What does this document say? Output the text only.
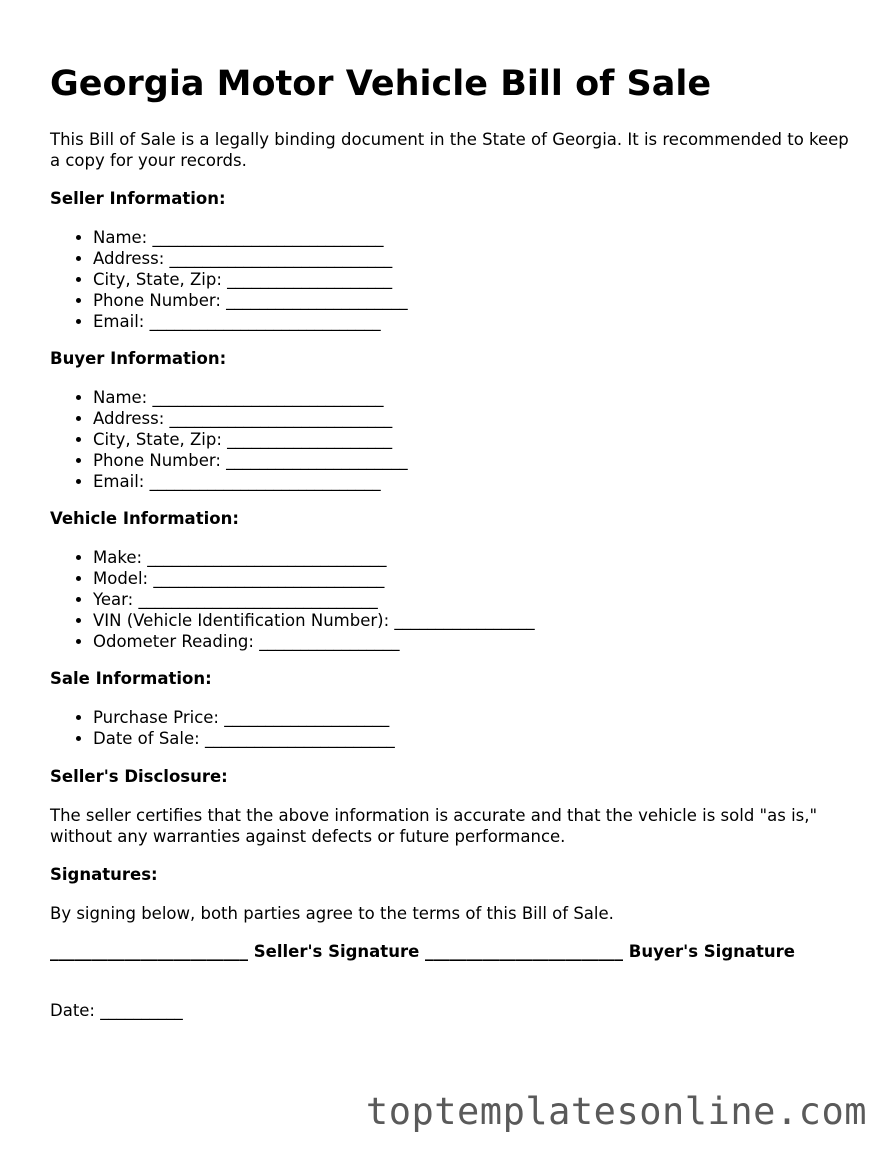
Georgia Motor Vehicle Bill of Sale

This Bill of Sale is a legally binding document in the State of Georgia. It is recommended to keep a copy for your records.

Seller Information:
• Name: ____________________________
• Address: ___________________________
• City, State, Zip: ____________________
• Phone Number: ______________________
• Email: ____________________________
Buyer Information:
• Name: ____________________________
• Address: ___________________________
• City, State, Zip: ____________________
• Phone Number: ______________________
• Email: ____________________________
Vehicle Information:
• Make: _____________________________
• Model: ____________________________
• Year: _____________________________
• VIN (Vehicle Identification Number): _________________
• Odometer Reading: _________________
Sale Information:
• Purchase Price: ____________________
• Date of Sale: _______________________
Seller's Disclosure:

The seller certifies that the above information is accurate and that the vehicle is sold "as is," without any warranties against defects or future performance.

Signatures:

By signing below, both parties agree to the terms of this Bill of Sale.

________________________ Seller's Signature ________________________ Buyer's Signature

Date: __________

toptemplatesonline.com
